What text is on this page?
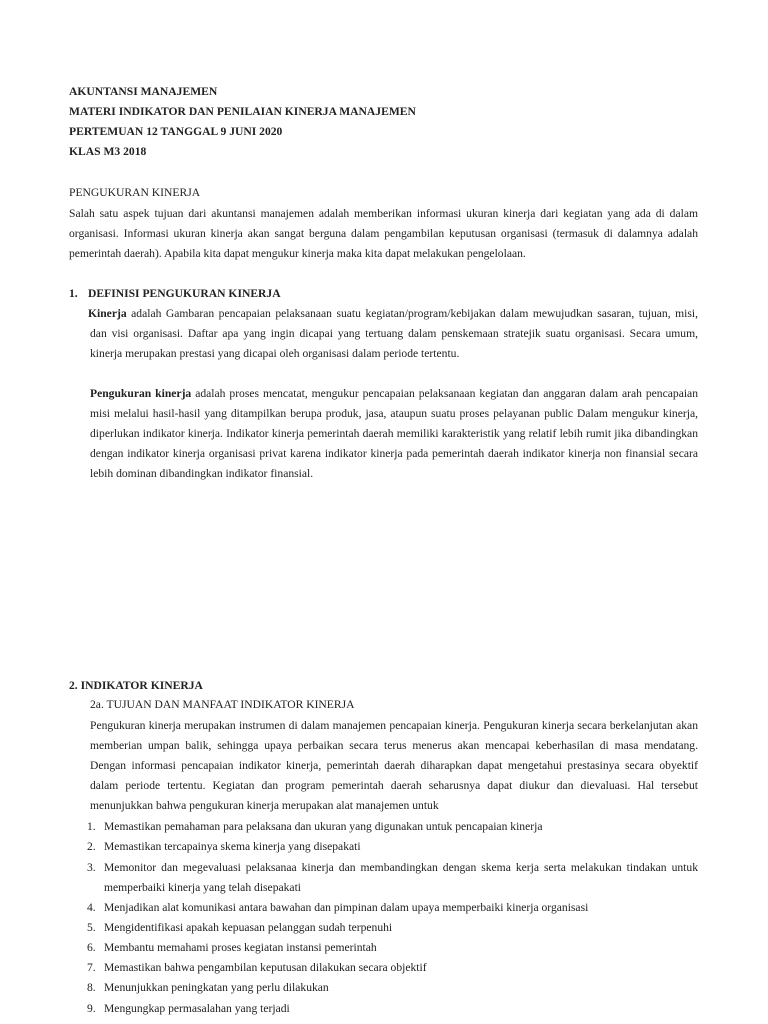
AKUNTANSI MANAJEMEN
MATERI INDIKATOR DAN PENILAIAN KINERJA MANAJEMEN
PERTEMUAN 12 TANGGAL 9 JUNI 2020
KLAS M3 2018
PENGUKURAN KINERJA
Salah satu aspek tujuan dari akuntansi manajemen adalah memberikan informasi ukuran kinerja dari kegiatan yang ada di dalam
organisasi. Informasi ukuran kinerja akan sangat berguna dalam pengambilan keputusan organisasi (termasuk di dalamnya adalah
pemerintah daerah). Apabila kita dapat mengukur kinerja maka kita dapat melakukan pengelolaan.
1. DEFINISI PENGUKURAN KINERJA
Kinerja adalah Gambaran pencapaian pelaksanaan suatu kegiatan/program/kebijakan dalam mewujudkan sasaran, tujuan, misi,
dan visi organisasi. Daftar apa yang ingin dicapai yang tertuang dalam penskemaan stratejik suatu organisasi. Secara umum,
kinerja merupakan prestasi yang dicapai oleh organisasi dalam periode tertentu.
Pengukuran kinerja adalah proses mencatat, mengukur pencapaian pelaksanaan kegiatan dan anggaran dalam arah pencapaian
misi melalui hasil-hasil yang ditampilkan berupa produk, jasa, ataupun suatu proses pelayanan public Dalam mengukur kinerja,
diperlukan indikator kinerja. Indikator kinerja pemerintah daerah memiliki karakteristik yang relatif lebih rumit jika dibandingkan
dengan indikator kinerja organisasi privat karena indikator kinerja pada pemerintah daerah indikator kinerja non finansial secara
lebih dominan dibandingkan indikator finansial.
2. INDIKATOR KINERJA
2a. TUJUAN DAN MANFAAT INDIKATOR KINERJA
Pengukuran kinerja merupakan instrumen di dalam manajemen pencapaian kinerja. Pengukuran kinerja secara berkelanjutan akan
memberian umpan balik, sehingga upaya perbaikan secara terus menerus akan mencapai keberhasilan di masa mendatang.
Dengan informasi pencapaian indikator kinerja, pemerintah daerah diharapkan dapat mengetahui prestasinya secara obyektif
dalam periode tertentu. Kegiatan dan program pemerintah daerah seharusnya dapat diukur dan dievaluasi. Hal tersebut
menunjukkan bahwa pengukuran kinerja merupakan alat manajemen untuk
1. Memastikan pemahaman para pelaksana dan ukuran yang digunakan untuk pencapaian kinerja
2. Memastikan tercapainya skema kinerja yang disepakati
3. Memonitor dan megevaluasi pelaksanaa kinerja dan membandingkan dengan skema kerja serta melakukan tindakan untuk
memperbaiki kinerja yang telah disepakati
4. Menjadikan alat komunikasi antara bawahan dan pimpinan dalam upaya memperbaiki kinerja organisasi
5. Mengidentifikasi apakah kepuasan pelanggan sudah terpenuhi
6. Membantu memahami proses kegiatan instansi pemerintah
7. Memastikan bahwa pengambilan keputusan dilakukan secara objektif
8. Menunjukkan peningkatan yang perlu dilakukan
9. Mengungkap permasalahan yang terjadi
